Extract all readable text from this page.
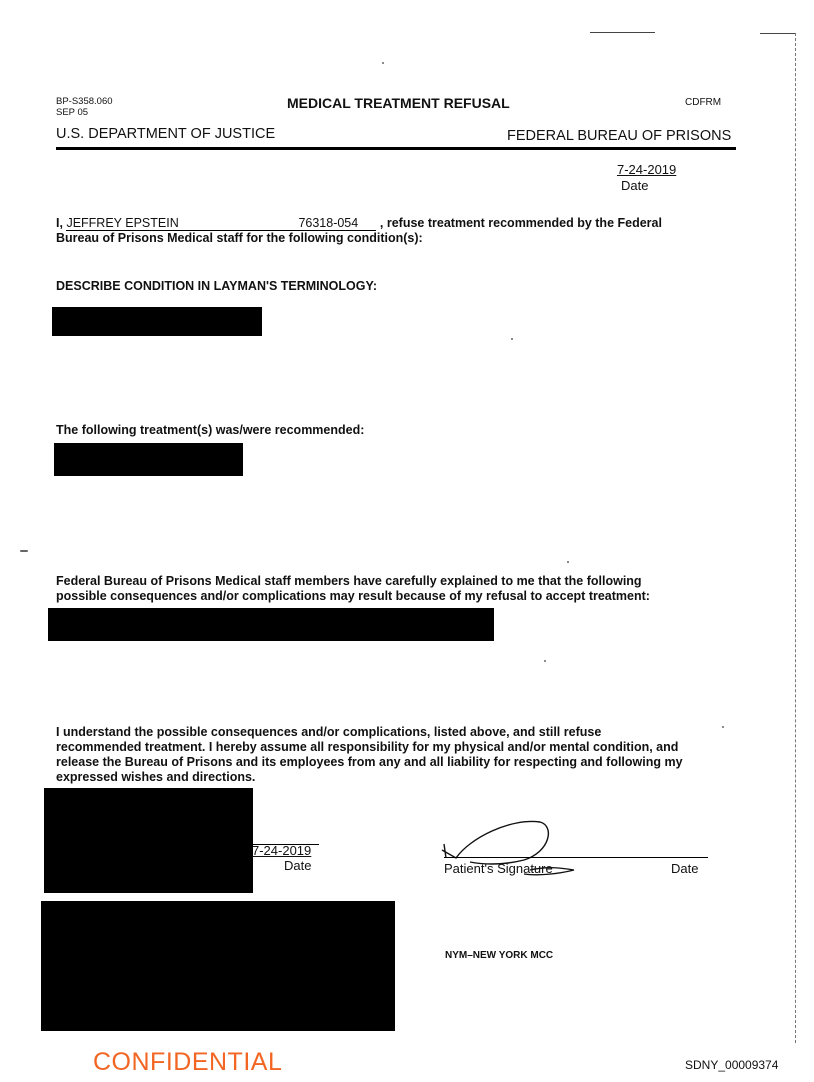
BP-S358.060
SEP 05
MEDICAL TREATMENT REFUSAL	CDFRM
U.S. DEPARTMENT OF JUSTICE	FEDERAL BUREAU OF PRISONS
7-24-2019
Date
I, JEFFREY EPSTEIN	76318-054 , refuse treatment recommended by the Federal
Bureau of Prisons Medical staff for the following condition(s):
DESCRIBE CONDITION IN LAYMAN'S TERMINOLOGY:
The following treatment(s) was/were recommended:
Federal Bureau of Prisons Medical staff members have carefully explained to me that the following
possible consequences and/or complications may result because of my refusal to accept treatment:
I understand the possible consequences and/or complications, listed above, and still refuse
recommended treatment. I hereby assume all responsibility for my physical and/or mental condition, and
release the Bureau of Prisons and its employees from any and all liability for respecting and following my
expressed wishes and directions.
7-24-2019
Date	Patient's Signature	Date
NYM–NEW YORK MCC
CONFIDENTIAL	SDNY_00009374
